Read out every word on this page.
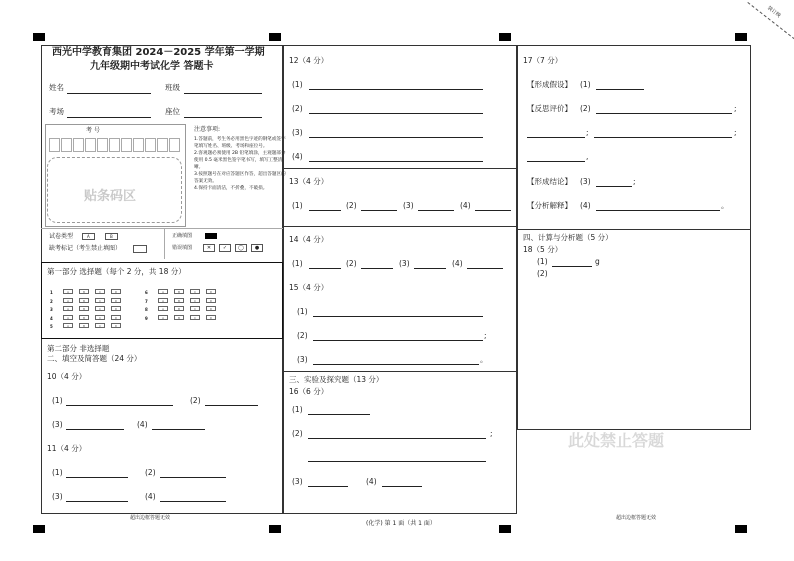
装订线
西光中学教育集团 2024－2025 学年第一学期
九年级期中考试化学 答题卡
姓名	班级
考场	座位
考 号
贴条码区
注意事项:
1.答题前，考生务必用黑色字迹的钢笔或签字笔填写姓名、班级、考场和座位号。
2.客观题必须使用 2B 铅笔填涂，主观题部分使用 0.5 毫米黑色签字笔书写，填写工整清晰。
3.按照题号在对应答题区作答，超出答题区的答案无效。
4.保持卡面清洁，不折叠，不破损。
试卷类型	A	B
缺考标记（考生禁止填图）
正确填图
错误填图	✕	✓	◯	●
第一部分 选择题（每个 2 分，共 18 分）
1	A	B	C	D
2	A	B	C	D
3	A	B	C	D
4	A	B	C	D
5	A	B	C	D
6	A	B	C	D
7	A	B	C	D
8	A	B	C	D
9	A	B	C	D
第二部分 非选择题
二、填空及简答题（24 分）
10（4 分）
(1)	(2)
(3)	(4)
11（4 分）
(1)	(2)
(3)	(4)
12（4 分）
(1)
(2)
(3)
(4)
13（4 分）
(1)	(2)	(3)	(4)
14（4 分）
(1)	(2)	(3)	(4)
15（4 分）
(1)
(2)	;
(3)	。
三、实验及探究题（13 分）
16（6 分）
(1)
(2)	;
(3)	(4)
17（7 分）
【形成假设】 (1)
【反思评价】 (2)	;
;	;
,
【形成结论】 (3)	;
【分析解释】 (4)	。
四、计算与分析题（5 分）
18（5 分）
(1)	g
(2)
此处禁止答题
超出边框答题无效
(化学) 第 1 面（共 1 面）
超出边框答题无效
